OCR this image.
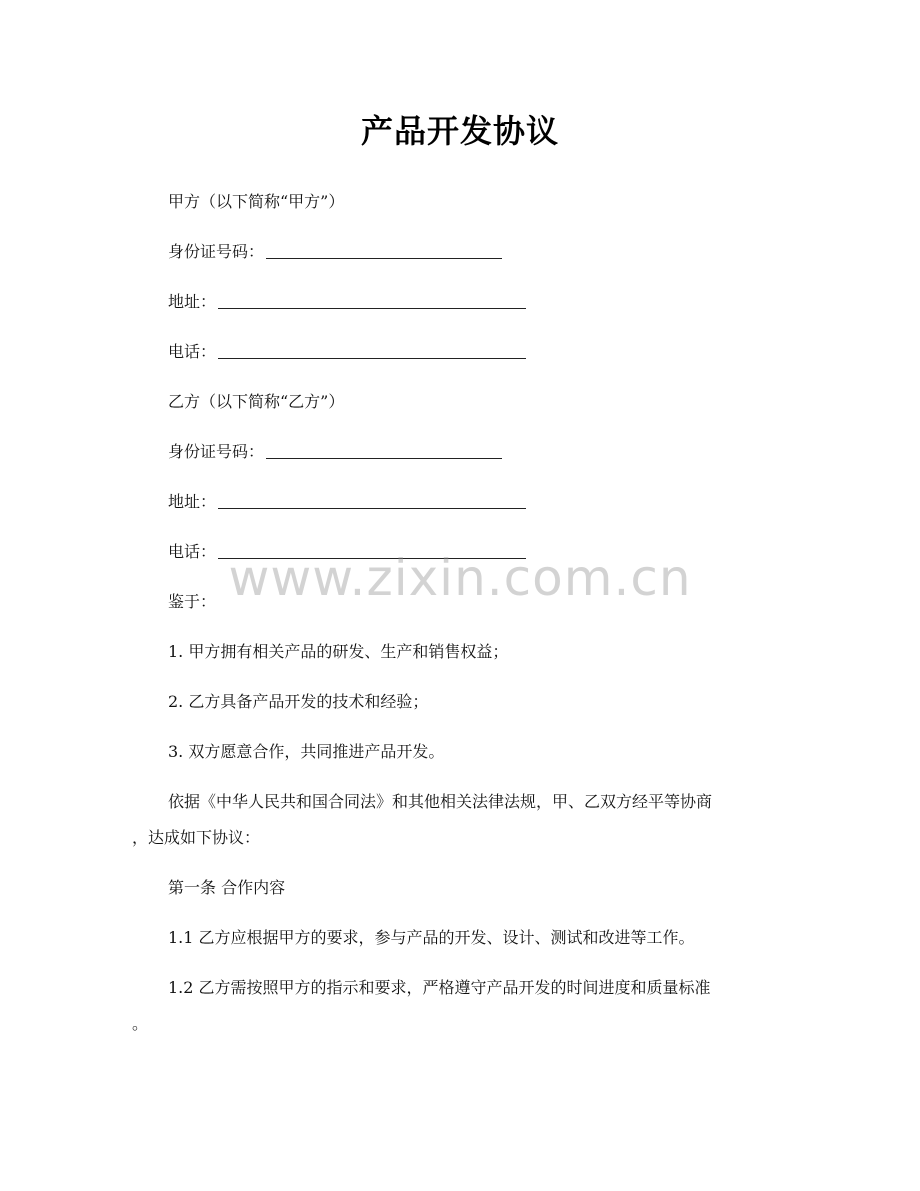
产品开发协议
甲方（以下简称“甲方”）
身份证号码：
地址：
电话：
乙方（以下简称“乙方”）
身份证号码：
地址：
电话：
鉴于：
1. 甲方拥有相关产品的研发、生产和销售权益；
2. 乙方具备产品开发的技术和经验；
3. 双方愿意合作，共同推进产品开发。
依据《中华人民共和国合同法》和其他相关法律法规，甲、乙双方经平等协商
，达成如下协议：
第一条 合作内容
1.1 乙方应根据甲方的要求，参与产品的开发、设计、测试和改进等工作。
1.2 乙方需按照甲方的指示和要求，严格遵守产品开发的时间进度和质量标准
。
www.zixin.com.cn
